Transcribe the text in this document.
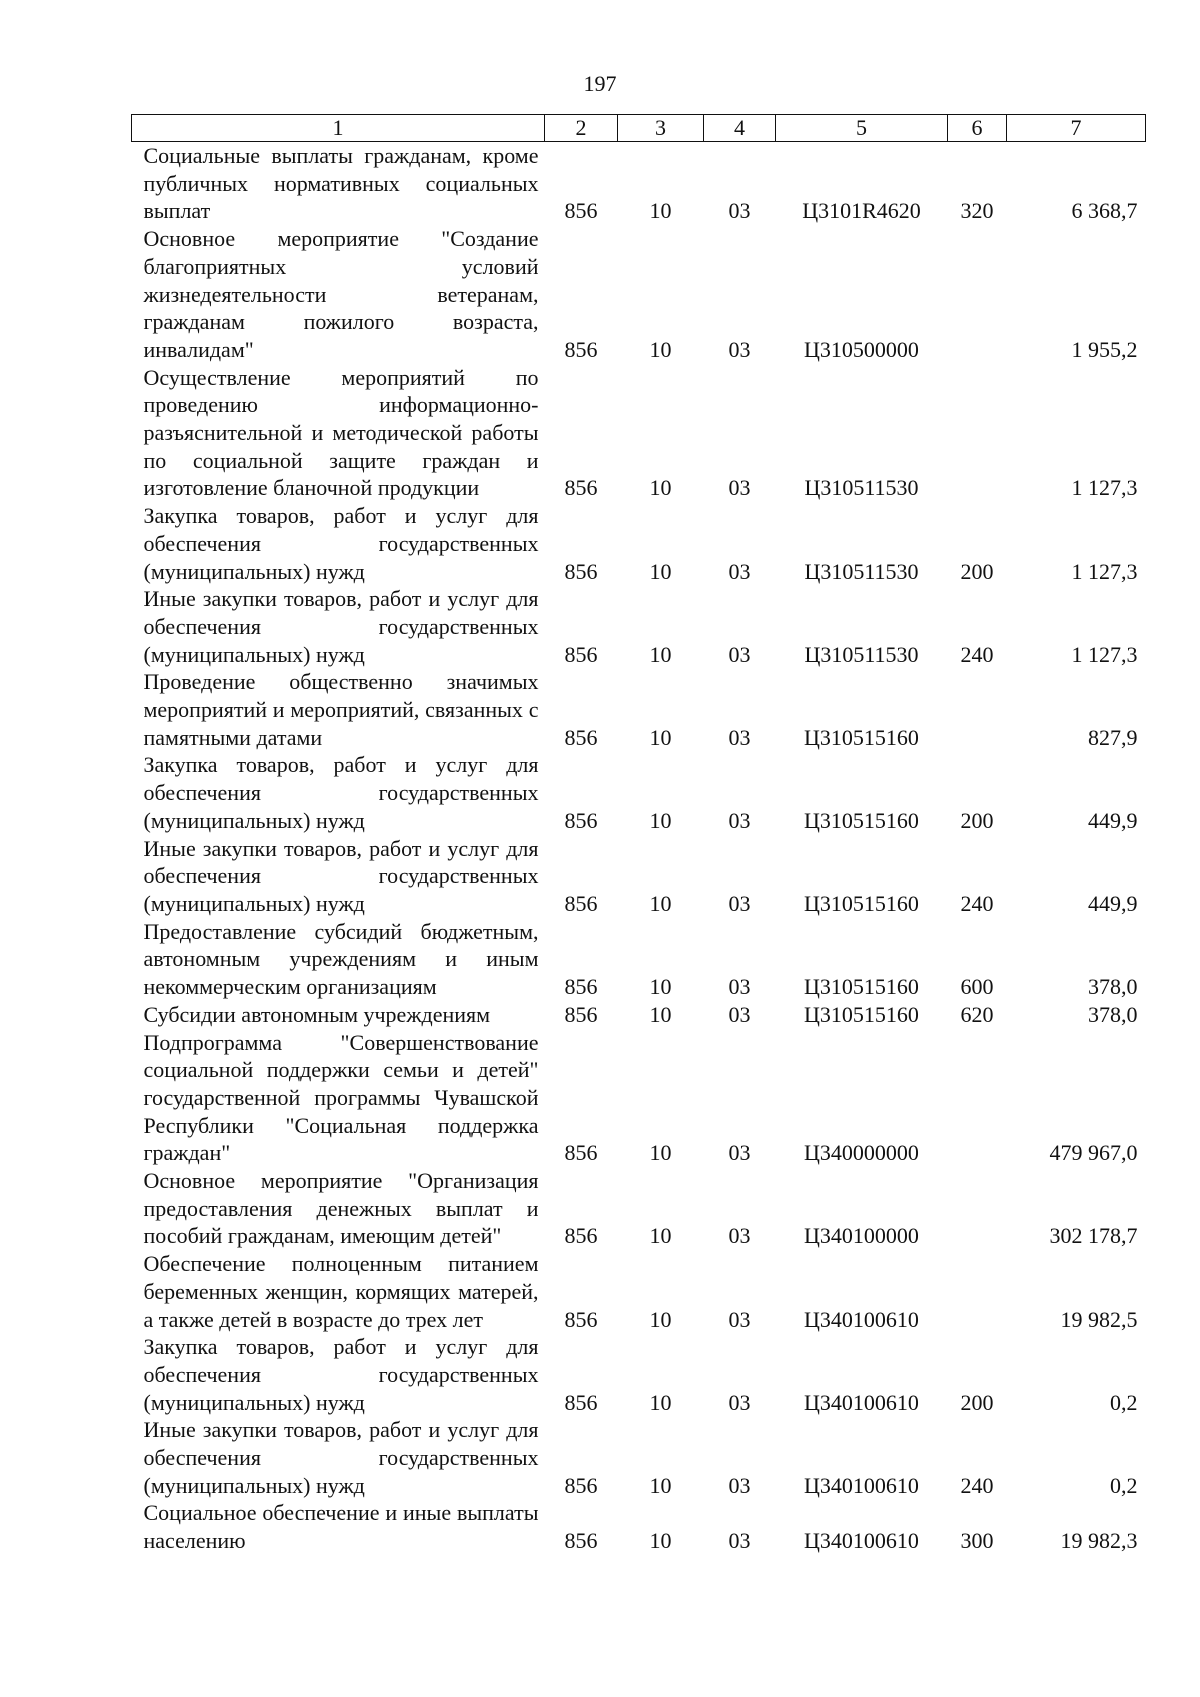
197
1	2	3	4	5	6	7
Социальные выплаты гражданам, кроме публичных нормативных социальных выплат	856	10	03	Ц3101R4620	320	6 368,7
Основное мероприятие "Создание благоприятных условий жизнедеятельности ветеранам, гражданам пожилого возраста, инвалидам"	856	10	03	Ц310500000		1 955,2
Осуществление мероприятий по проведению информационно-разъяснительной и методической работы по социальной защите граждан и изготовление бланочной продукции	856	10	03	Ц310511530		1 127,3
Закупка товаров, работ и услуг для обеспечения государственных (муниципальных) нужд	856	10	03	Ц310511530	200	1 127,3
Иные закупки товаров, работ и услуг для обеспечения государственных (муниципальных) нужд	856	10	03	Ц310511530	240	1 127,3
Проведение общественно значимых мероприятий и мероприятий, связанных с памятными датами	856	10	03	Ц310515160		827,9
Закупка товаров, работ и услуг для обеспечения государственных (муниципальных) нужд	856	10	03	Ц310515160	200	449,9
Иные закупки товаров, работ и услуг для обеспечения государственных (муниципальных) нужд	856	10	03	Ц310515160	240	449,9
Предоставление субсидий бюджетным, автономным учреждениям и иным некоммерческим организациям	856	10	03	Ц310515160	600	378,0
Субсидии автономным учреждениям	856	10	03	Ц310515160	620	378,0
Подпрограмма "Совершенствование социальной поддержки семьи и детей" государственной программы Чувашской Республики "Социальная поддержка граждан"	856	10	03	Ц340000000		479 967,0
Основное мероприятие "Организация предоставления денежных выплат и пособий гражданам, имеющим детей"	856	10	03	Ц340100000		302 178,7
Обеспечение полноценным питанием беременных женщин, кормящих матерей, а также детей в возрасте до трех лет	856	10	03	Ц340100610		19 982,5
Закупка товаров, работ и услуг для обеспечения государственных (муниципальных) нужд	856	10	03	Ц340100610	200	0,2
Иные закупки товаров, работ и услуг для обеспечения государственных (муниципальных) нужд	856	10	03	Ц340100610	240	0,2
Социальное обеспечение и иные выплаты населению	856	10	03	Ц340100610	300	19 982,3
